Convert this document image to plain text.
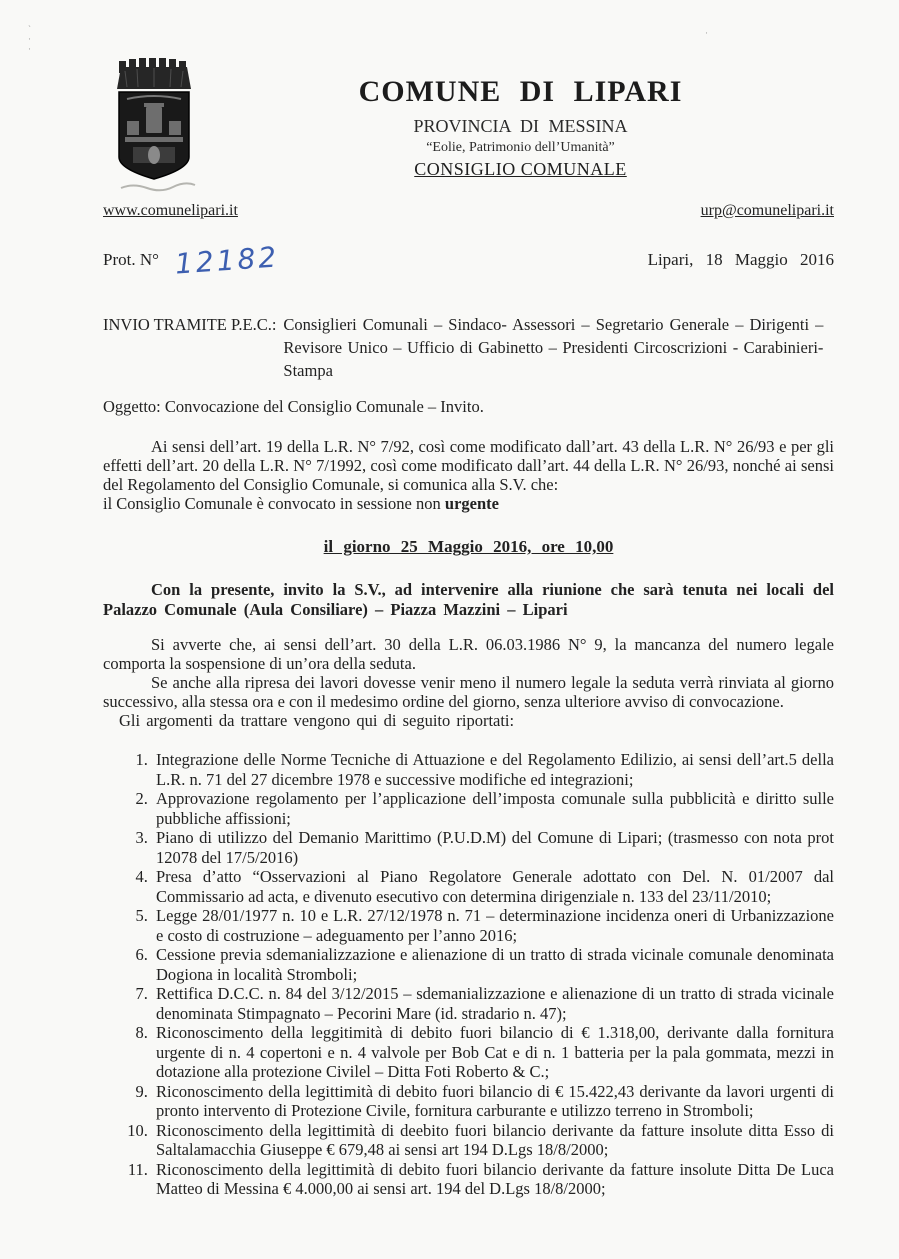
`
·
·
·
COMUNE DI LIPARI
PROVINCIA DI MESSINA
“Eolie, Patrimonio dell’Umanità”
CONSIGLIO COMUNALE
www.comunelipari.it	urp@comunelipari.it
Prot. N° 12182	Lipari, 18 Maggio 2016
INVIO TRAMITE P.E.C.: Consiglieri Comunali – Sindaco- Assessori – Segretario Generale – Dirigenti – Revisore Unico – Ufficio di Gabinetto – Presidenti Circoscrizioni - Carabinieri- Stampa
Oggetto: Convocazione del Consiglio Comunale – Invito.

Ai sensi dell’art. 19 della L.R. N° 7/92, così come modificato dall’art. 43 della L.R. N° 26/93 e per gli effetti dell’art. 20 della L.R. N° 7/1992, così come modificato dall’art. 44 della L.R. N° 26/93, nonché ai sensi del Regolamento del Consiglio Comunale, si comunica alla S.V. che:

il Consiglio Comunale è convocato in sessione non urgente

il giorno 25 Maggio 2016, ore 10,00

Con la presente, invito la S.V., ad intervenire alla riunione che sarà tenuta nei locali del Palazzo Comunale (Aula Consiliare) – Piazza Mazzini – Lipari

Si avverte che, ai sensi dell’art. 30 della L.R. 06.03.1986 N° 9, la mancanza del numero legale comporta la sospensione di un’ora della seduta.

Se anche alla ripresa dei lavori dovesse venir meno il numero legale la seduta verrà rinviata al giorno successivo, alla stessa ora e con il medesimo ordine del giorno, senza ulteriore avviso di convocazione.

Gli argomenti da trattare vengono qui di seguito riportati:

1. Integrazione delle Norme Tecniche di Attuazione e del Regolamento Edilizio, ai sensi dell’art.5 della L.R. n. 71 del 27 dicembre 1978 e successive modifiche ed integrazioni;
2. Approvazione regolamento per l’applicazione dell’imposta comunale sulla pubblicità e diritto sulle pubbliche affissioni;
3. Piano di utilizzo del Demanio Marittimo (P.U.D.M) del Comune di Lipari; (trasmesso con nota prot 12078 del 17/5/2016)
4. Presa d’atto “Osservazioni al Piano Regolatore Generale adottato con Del. N. 01/2007 dal Commissario ad acta, e divenuto esecutivo con determina dirigenziale n. 133 del 23/11/2010;
5. Legge 28/01/1977 n. 10 e L.R. 27/12/1978 n. 71 – determinazione incidenza oneri di Urbanizzazione e costo di costruzione – adeguamento per l’anno 2016;
6. Cessione previa sdemanializzazione e alienazione di un tratto di strada vicinale comunale denominata Dogiona in località Stromboli;
7. Rettifica D.C.C. n. 84 del 3/12/2015 – sdemanializzazione e alienazione di un tratto di strada vicinale denominata Stimpagnato – Pecorini Mare (id. stradario n. 47);
8. Riconoscimento della leggitimità di debito fuori bilancio di € 1.318,00, derivante dalla fornitura urgente di n. 4 copertoni e n. 4 valvole per Bob Cat e di n. 1 batteria per la pala gommata, mezzi in dotazione alla protezione Civilel – Ditta Foti Roberto & C.;
9. Riconoscimento della legittimità di debito fuori bilancio di € 15.422,43 derivante da lavori urgenti di pronto intervento di Protezione Civile, fornitura carburante e utilizzo terreno in Stromboli;
10. Riconoscimento della legittimità di deebito fuori bilancio derivante da fatture insolute ditta Esso di Saltalamacchia Giuseppe € 679,48 ai sensi art 194 D.Lgs 18/8/2000;
11. Riconoscimento della legittimità di debito fuori bilancio derivante da fatture insolute Ditta De Luca Matteo di Messina € 4.000,00 ai sensi art. 194 del D.Lgs 18/8/2000;
